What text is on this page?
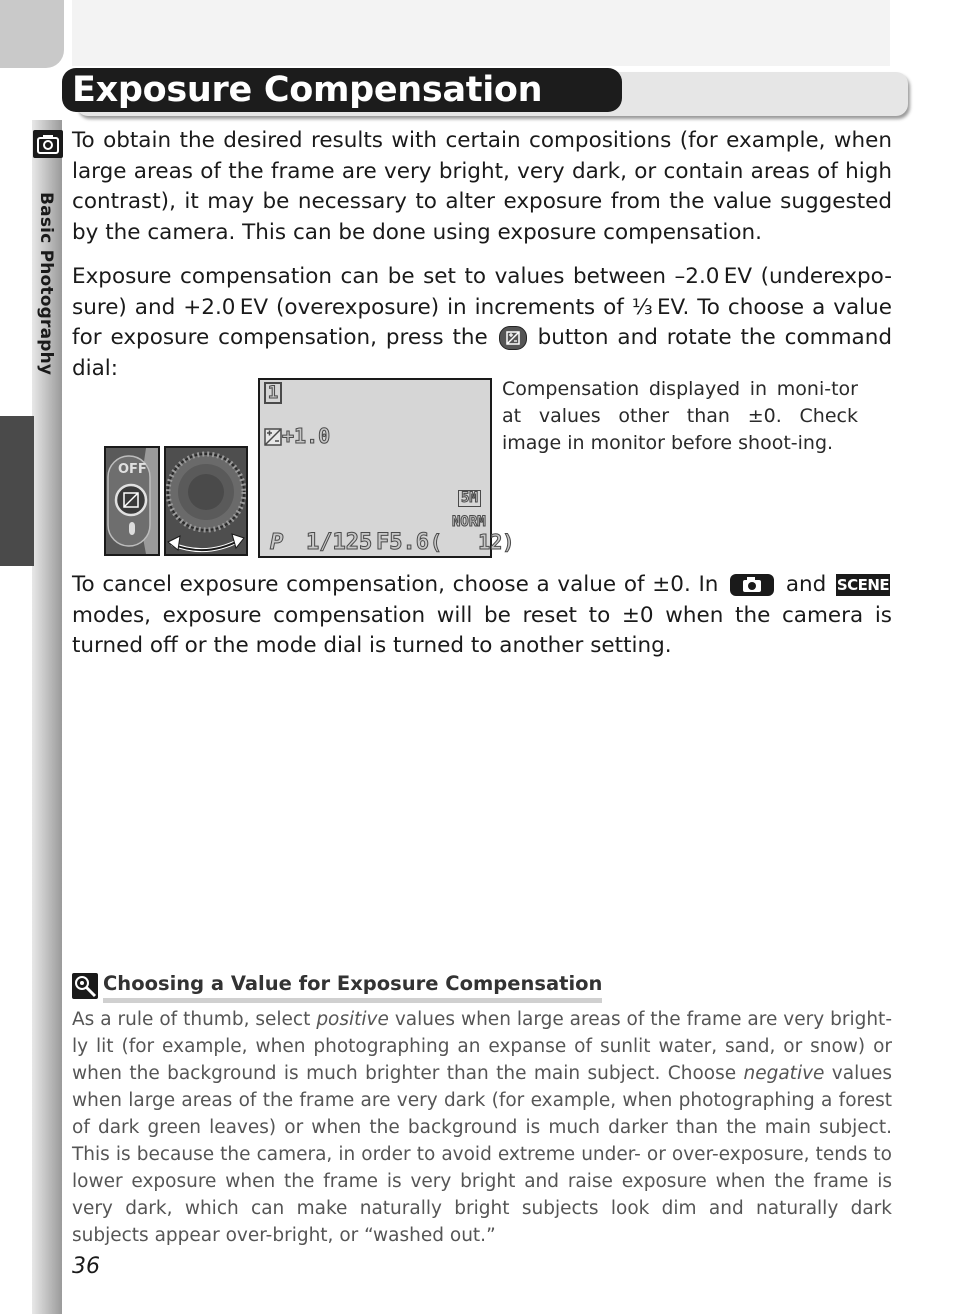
Basic Photography
Exposure Compensation
To obtain the desired results with certain compositions (for example, when large areas of the frame are very bright, very dark, or contain areas of high contrast), it may be necessary to alter exposure from the value suggested by the camera. This can be done using exposure compensation.
Exposure compensation can be set to values between –2.0 EV (underexpo-sure) and +2.0 EV (overexposure) in increments of ⅓ EV. To choose a value for exposure compensation, press the button and rotate the command dial:
OFF
1
+1.0
5M
NORM
P 1/125 F5.6 (   12)
Compensation displayed in moni-tor at values other than ±0. Check image in monitor before shoot-ing.
To cancel exposure compensation, choose a value of ±0. In	and SCENE modes, exposure compensation will be reset to ±0 when the camera is turned off or the mode dial is turned to another setting.
Choosing a Value for Exposure Compensation
As a rule of thumb, select positive values when large areas of the frame are very bright-ly lit (for example, when photographing an expanse of sunlit water, sand, or snow) or when the background is much brighter than the main subject. Choose negative values when large areas of the frame are very dark (for example, when photographing a forest of dark green leaves) or when the background is much darker than the main subject. This is because the camera, in order to avoid extreme under- or over-exposure, tends to lower exposure when the frame is very bright and raise exposure when the frame is very dark, which can make naturally bright subjects look dim and naturally dark subjects appear over-bright, or “washed out.”
36
